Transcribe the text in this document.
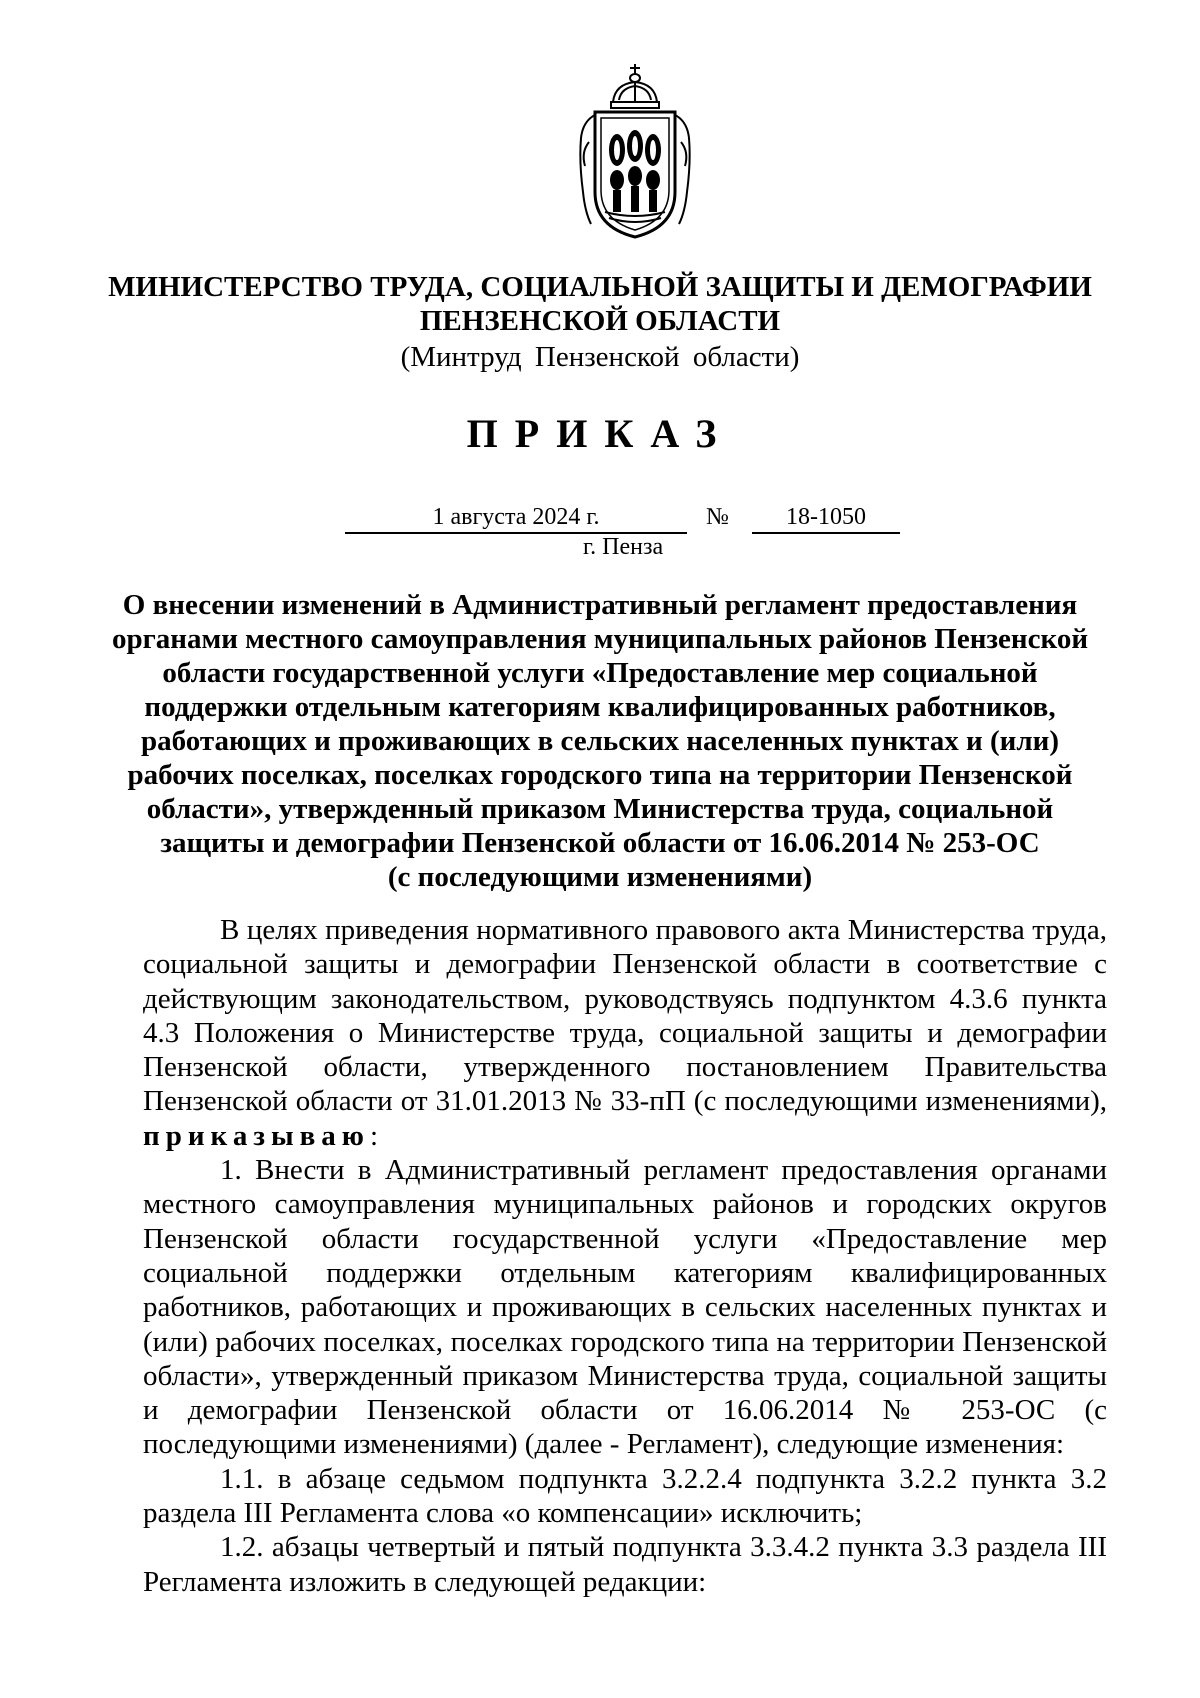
МИНИСТЕРСТВО ТРУДА, СОЦИАЛЬНОЙ ЗАЩИТЫ И ДЕМОГРАФИИ
ПЕНЗЕНСКОЙ ОБЛАСТИ
(Минтруд Пензенской области)
ПРИКАЗ
1 августа 2024 г.	№	18-1050
г. Пенза
О внесении изменений в Административный регламент предоставления
органами местного самоуправления муниципальных районов Пензенской
области государственной услуги «Предоставление мер социальной
поддержки отдельным категориям квалифицированных работников,
работающих и проживающих в сельских населенных пунктах и (или)
рабочих поселках, поселках городского типа на территории Пензенской
области», утвержденный приказом Министерства труда, социальной
защиты и демографии Пензенской области от 16.06.2014 № 253-ОС
(с последующими изменениями)

В целях приведения нормативного правового акта Министерства труда, социальной защиты и демографии Пензенской области в соответствие с действующим законодательством, руководствуясь подпунктом 4.3.6 пункта 4.3 Положения о Министерстве труда, социальной защиты и демографии Пензенской области, утвержденного постановлением Правительства Пензенской области от 31.01.2013 № 33-пП (с последующими изменениями), приказываю:

1. Внести в Административный регламент предоставления органами местного самоуправления муниципальных районов и городских округов Пензенской области государственной услуги «Предоставление мер социальной поддержки отдельным категориям квалифицированных работников, работающих и проживающих в сельских населенных пунктах и (или) рабочих поселках, поселках городского типа на территории Пензенской области», утвержденный приказом Министерства труда, социальной защиты и демографии Пензенской области от 16.06.2014 № 253-ОС (с последующими изменениями) (далее - Регламент), следующие изменения:

1.1. в абзаце седьмом подпункта 3.2.2.4 подпункта 3.2.2 пункта 3.2 раздела III Регламента слова «о компенсации» исключить;

1.2. абзацы четвертый и пятый подпункта 3.3.4.2 пункта 3.3 раздела III Регламента изложить в следующей редакции:
